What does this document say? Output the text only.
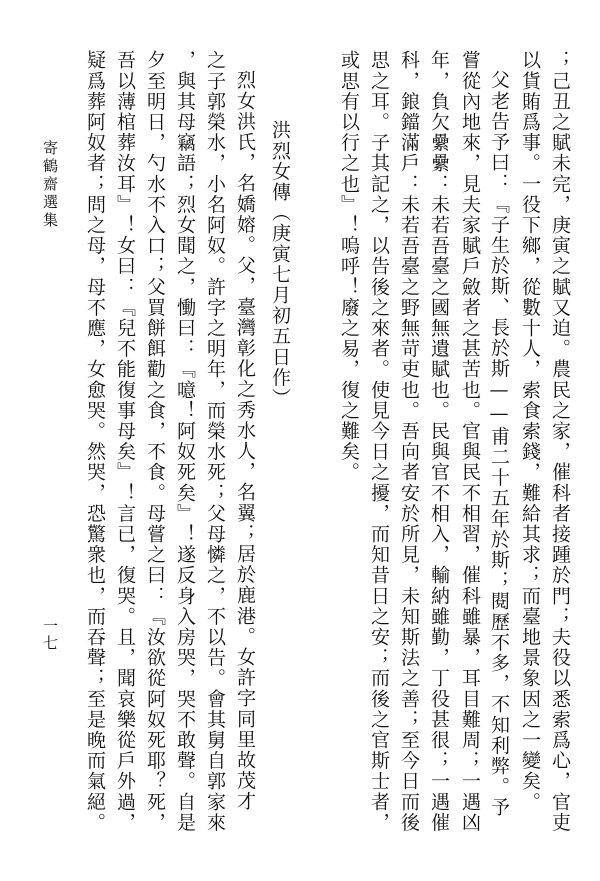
；己丑之賦未完，庚寅之賦又迫。農民之家，催科者接踵於門；夫役以悉索爲心，官吏
以貨賄爲事。一役下鄉，從數十人，索食索錢，難給其求；而臺地景象因之一變矣。
父老告予曰：『子生於斯、長於斯——甫二十五年於斯；閱歷不多，不知利弊。予
嘗從內地來，見夫家賦戶斂者之甚苦也。官與民不相習，催科雖暴，耳目難周；一遇凶
年，負欠纍纍：未若吾臺之國無遺賦也。民與官不相入，輸納雖勤，丁役甚很；一遇催
科，鋃鐺滿戶：未若吾臺之野無苛吏也。吾向者安於所見，未知斯法之善；至今日而後
思之耳。子其記之，以告後之來者。使見今日之擾，而知昔日之安；而後之官斯士者，
或思有以行之也』！嗚呼！廢之易，復之難矣。
洪烈女傳（庚寅七月初五日作）
烈女洪氏，名嬌嫆。父，臺灣彰化之秀水人，名翼；居於鹿港。女許字同里故茂才
之子郭榮水，小名阿奴。許字之明年，而榮水死；父母憐之，不以告。會其舅自郭家來
，與其母竊語；烈女聞之，慟曰：『噫！阿奴死矣』！遂反身入房哭，哭不敢聲。自是
夕至明日，勺水不入口；父買餅餌勸之食，不食。母嘗之曰：『汝欲從阿奴死耶？死，
吾以薄棺葬汝耳』！女曰：『兒不能復事母矣』！言已，復哭。且，聞哀樂從戶外過，
疑爲葬阿奴者；問之母，母不應，女愈哭。然哭，恐驚衆也，而吞聲；至是晚而氣絕。
寄鶴齋選集
一七
